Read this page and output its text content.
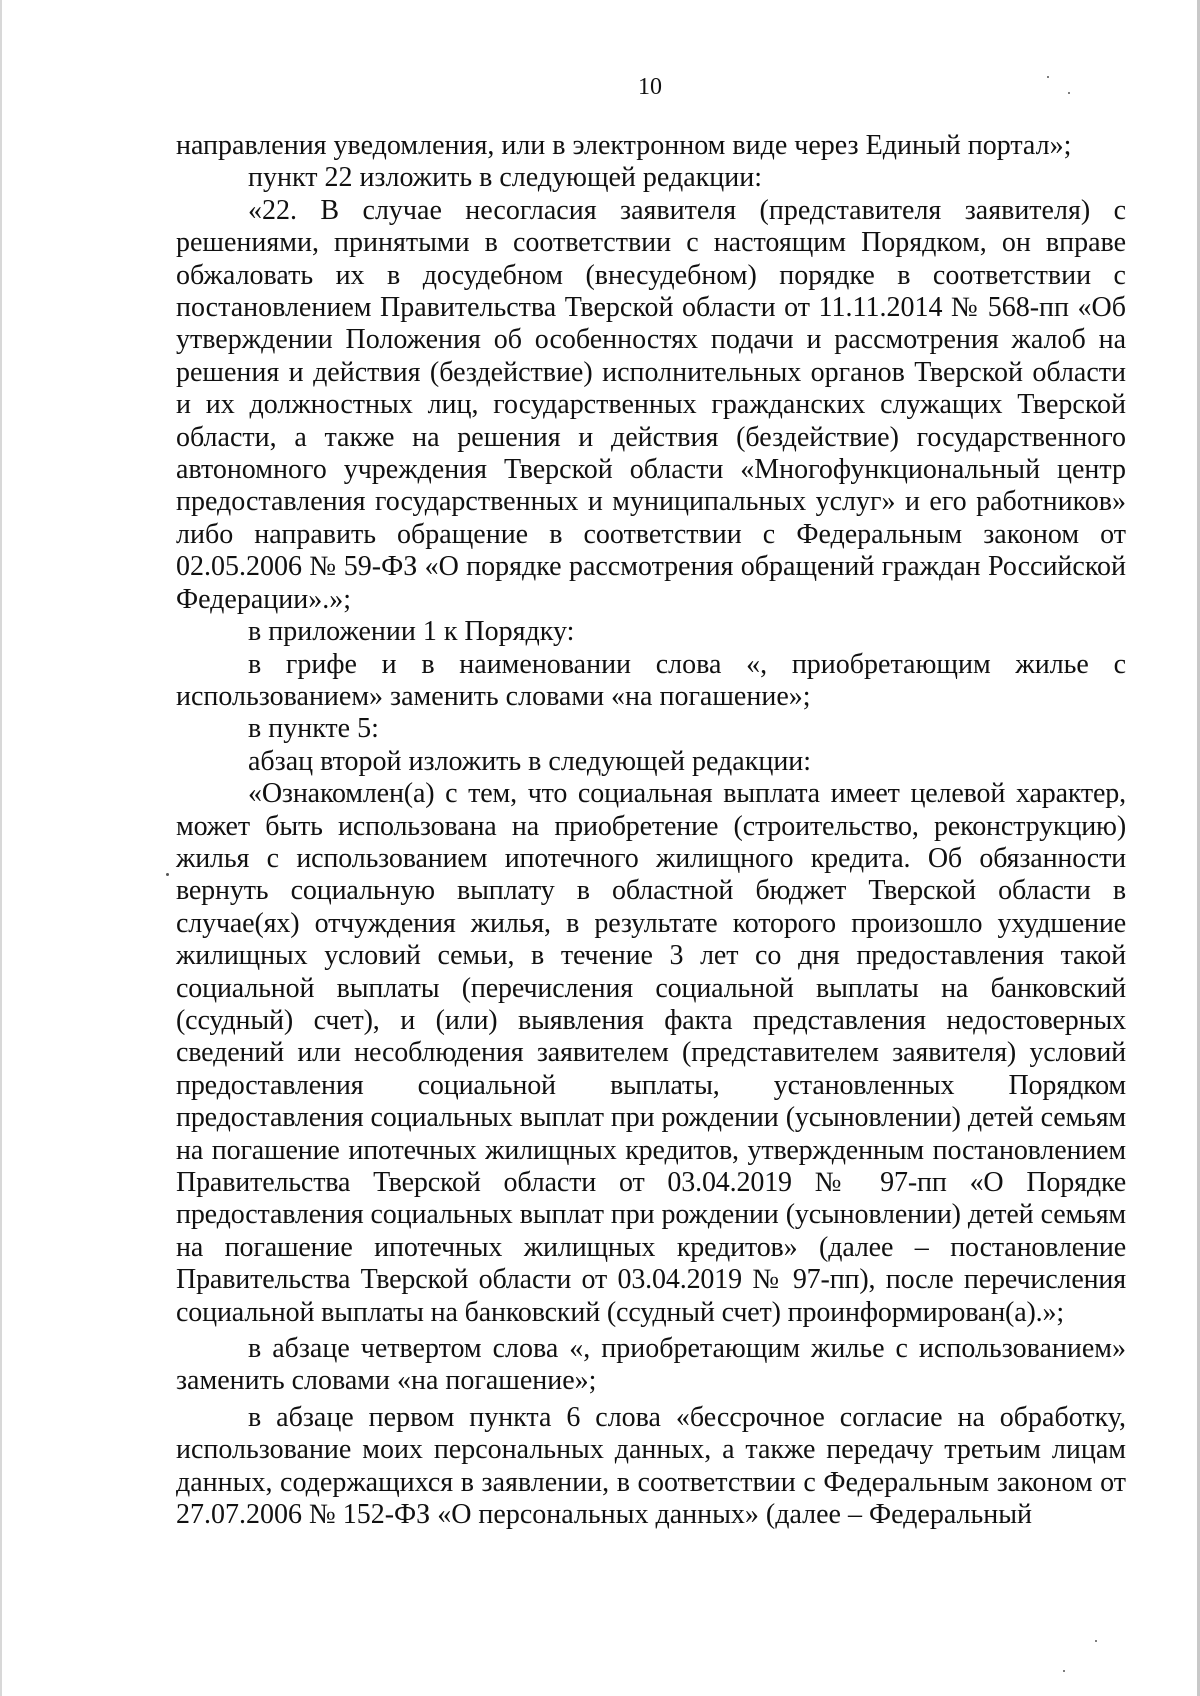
10

направления уведомления, или в электронном виде через Единый портал»;

пункт 22 изложить в следующей редакции:

«22. В случае несогласия заявителя (представителя заявителя) с решениями, принятыми в соответствии с настоящим Порядком, он вправе обжаловать их в досудебном (внесудебном) порядке в соответствии с постановлением Правительства Тверской области от 11.11.2014 № 568-пп «Об утверждении Положения об особенностях подачи и рассмотрения жалоб на решения и действия (бездействие) исполнительных органов Тверской области и их должностных лиц, государственных гражданских служащих Тверской области, а также на решения и действия (бездействие) государственного автономного учреждения Тверской области «Многофункциональный центр предоставления государственных и муниципальных услуг» и его работников» либо направить обращение в соответствии с Федеральным законом от 02.05.2006 № 59-ФЗ «О порядке рассмотрения обращений граждан Российской Федерации».»;

в приложении 1 к Порядку:

в грифе и в наименовании слова «, приобретающим жилье с использованием» заменить словами «на погашение»;

в пункте 5:

абзац второй изложить в следующей редакции:

«Ознакомлен(а) с тем, что социальная выплата имеет целевой характер, может быть использована на приобретение (строительство, реконструкцию) жилья с использованием ипотечного жилищного кредита. Об обязанности вернуть социальную выплату в областной бюджет Тверской области в случае(ях) отчуждения жилья, в результате которого произошло ухудшение жилищных условий семьи, в течение 3 лет со дня предоставления такой социальной выплаты (перечисления социальной выплаты на банковский (ссудный) счет), и (или) выявления факта представления недостоверных сведений или несоблюдения заявителем (представителем заявителя) условий предоставления социальной выплаты, установленных Порядком предоставления социальных выплат при рождении (усыновлении) детей семьям на погашение ипотечных жилищных кредитов, утвержденным постановлением Правительства Тверской области от 03.04.2019 № 97-пп «О Порядке предоставления социальных выплат при рождении (усыновлении) детей семьям на погашение ипотечных жилищных кредитов» (далее – постановление Правительства Тверской области от 03.04.2019 № 97-пп), после перечисления социальной выплаты на банковский (ссудный счет) проинформирован(а).»;

в абзаце четвертом слова «, приобретающим жилье с использованием» заменить словами «на погашение»;

в абзаце первом пункта 6 слова «бессрочное согласие на обработку, использование моих персональных данных, а также передачу третьим лицам данных, содержащихся в заявлении, в соответствии с Федеральным законом от 27.07.2006 № 152-ФЗ «О персональных данных» (далее – Федеральный
